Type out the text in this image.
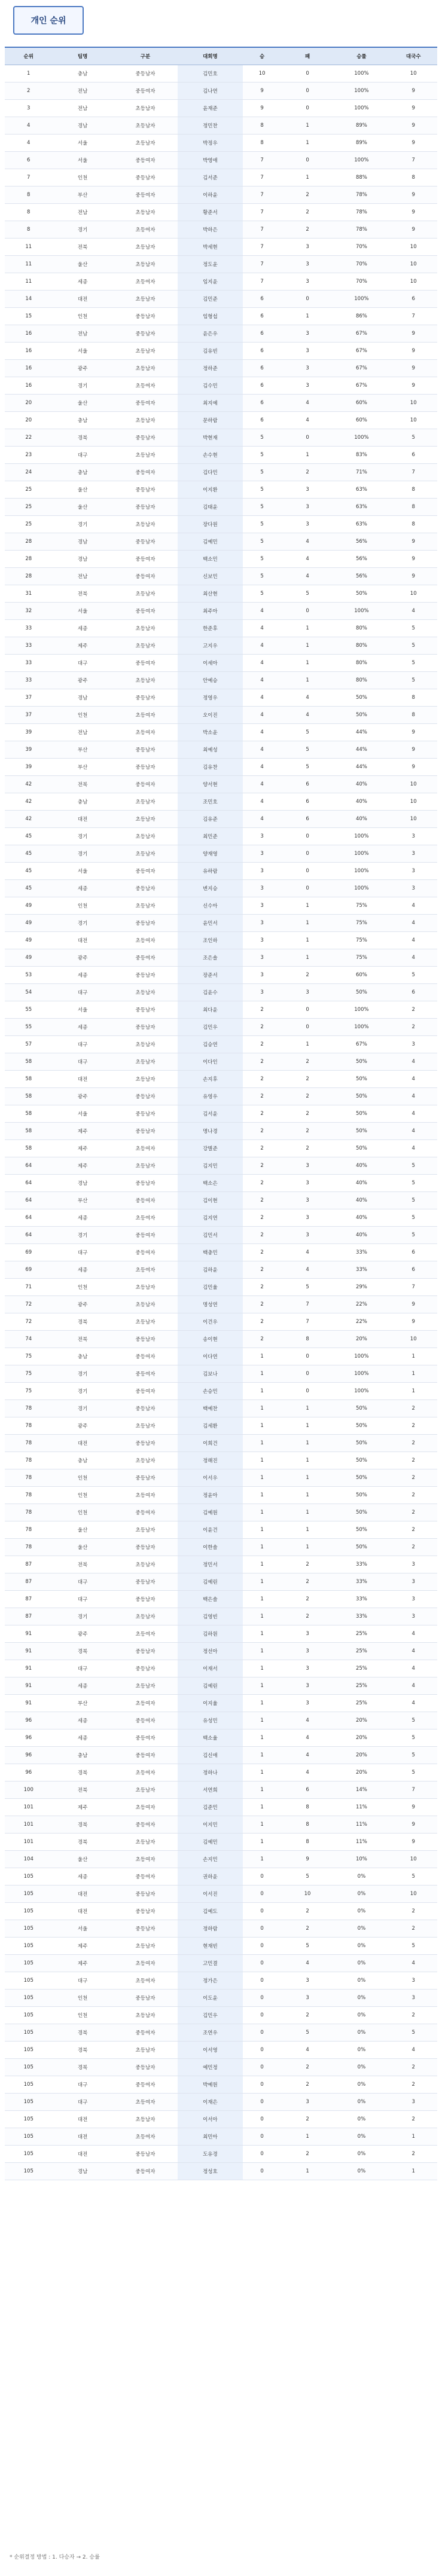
개인 순위
순위	팀명	구분	대회명	승	패	승률	대국수
1	충남	중등남자	김민호	10	0	100%	10
2	전남	중등여자	김나연	9	0	100%	9
3	전남	초등남자	윤재준	9	0	100%	9
4	경남	초등남자	정민찬	8	1	89%	9
4	서울	초등남자	박정우	8	1	89%	9
6	서울	중등여자	박영애	7	0	100%	7
7	인천	중등남자	김서준	7	1	88%	8
8	부산	중등여자	이하윤	7	2	78%	9
8	전남	초등남자	황준서	7	2	78%	9
8	경기	초등여자	박하은	7	2	78%	9
11	전북	초등남자	박세현	7	3	70%	10
11	울산	초등남자	정도윤	7	3	70%	10
11	세종	초등여자	임지윤	7	3	70%	10
14	대전	초등남자	김민준	6	0	100%	6
15	인천	중등남자	임형섭	6	1	86%	7
16	전남	중등남자	윤은우	6	3	67%	9
16	서울	초등남자	김유빈	6	3	67%	9
16	광주	초등남자	정하준	6	3	67%	9
16	경기	초등여자	김수민	6	3	67%	9
20	울산	중등여자	최지예	6	4	60%	10
20	충남	초등남자	문하람	6	4	60%	10
22	경북	중등남자	박현재	5	0	100%	5
23	대구	초등남자	손수현	5	1	83%	6
24	충남	중등여자	김다민	5	2	71%	7
25	울산	중등남자	이지환	5	3	63%	8
25	울산	중등남자	김태윤	5	3	63%	8
25	경기	초등남자	장다원	5	3	63%	8
28	경남	중등남자	김예민	5	4	56%	9
28	경남	중등여자	백소민	5	4	56%	9
28	전남	중등여자	신보민	5	4	56%	9
31	전북	초등남자	최산현	5	5	50%	10
32	서울	중등여자	최주아	4	0	100%	4
33	세종	초등남자	한준후	4	1	80%	5
33	제주	초등남자	고지우	4	1	80%	5
33	대구	중등여자	이세아	4	1	80%	5
33	광주	초등남자	안예승	4	1	80%	5
37	경남	중등남자	정영우	4	4	50%	8
37	인천	초등여자	오이진	4	4	50%	8
39	전남	초등여자	박소윤	4	5	44%	9
39	부산	중등남자	최예성	4	5	44%	9
39	부산	중등남자	김유찬	4	5	44%	9
42	전북	중등여자	양서현	4	6	40%	10
42	충남	초등남자	조민호	4	6	40%	10
42	대전	초등남자	김유준	4	6	40%	10
45	경기	초등남자	최민준	3	0	100%	3
45	경기	초등남자	양재영	3	0	100%	3
45	서울	중등여자	유하람	3	0	100%	3
45	세종	중등남자	변지승	3	0	100%	3
49	인천	초등남자	신수아	3	1	75%	4
49	경기	중등남자	윤민서	3	1	75%	4
49	대전	초등여자	조인하	3	1	75%	4
49	광주	중등여자	조은솔	3	1	75%	4
53	세종	중등남자	장준서	3	2	60%	5
54	대구	초등남자	김윤수	3	3	50%	6
55	서울	중등남자	최다윤	2	0	100%	2
55	세종	중등남자	김민우	2	0	100%	2
57	대구	초등남자	김승연	2	1	67%	3
58	대구	초등남자	이다인	2	2	50%	4
58	대전	초등남자	손지후	2	2	50%	4
58	광주	중등남자	유영우	2	2	50%	4
58	서울	중등남자	김서윤	2	2	50%	4
58	제주	중등남자	명나경	2	2	50%	4
58	제주	초등여자	강별준	2	2	50%	4
64	제주	초등남자	김지민	2	3	40%	5
64	경남	중등남자	백소은	2	3	40%	5
64	부산	중등여자	김이현	2	3	40%	5
64	세종	초등여자	김지연	2	3	40%	5
64	경기	중등여자	김민서	2	3	40%	5
69	대구	중등여자	백충민	2	4	33%	6
69	세종	초등여자	김하윤	2	4	33%	6
71	인천	초등남자	김민율	2	5	29%	7
72	광주	초등남자	명성연	2	7	22%	9
72	경북	초등남자	이건우	2	7	22%	9
74	전북	중등남자	송이현	2	8	20%	10
75	충남	중등여자	이다연	1	0	100%	1
75	경기	중등여자	김보나	1	0	100%	1
75	경기	중등여자	손승민	1	0	100%	1
78	경기	중등남자	백예찬	1	1	50%	2
78	광주	초등남자	김세환	1	1	50%	2
78	대전	중등남자	이희건	1	1	50%	2
78	충남	초등남자	정해진	1	1	50%	2
78	인천	중등남자	이서우	1	1	50%	2
78	인천	초등여자	정윤아	1	1	50%	2
78	인천	중등여자	김예원	1	1	50%	2
78	울산	초등남자	이윤건	1	1	50%	2
78	울산	중등남자	이한솔	1	1	50%	2
87	전북	초등남자	정민서	1	2	33%	3
87	대구	중등남자	김예린	1	2	33%	3
87	대구	중등남자	백은솔	1	2	33%	3
87	경기	초등남자	김영빈	1	2	33%	3
91	광주	초등여자	김하원	1	3	25%	4
91	경북	중등남자	정선아	1	3	25%	4
91	대구	중등남자	이재서	1	3	25%	4
91	세종	초등남자	김예린	1	3	25%	4
91	부산	초등여자	이지율	1	3	25%	4
96	세종	중등여자	유성민	1	4	20%	5
96	세종	중등여자	백소율	1	4	20%	5
96	충남	중등여자	김신애	1	4	20%	5
96	경북	초등여자	정하나	1	4	20%	5
100	전북	초등남자	서연희	1	6	14%	7
101	제주	초등여자	김준민	1	8	11%	9
101	경북	중등여자	이지민	1	8	11%	9
101	경북	초등남자	김예민	1	8	11%	9
104	울산	초등여자	손지민	1	9	10%	10
105	세종	중등여자	권하윤	0	5	0%	5
105	대전	중등남자	이서진	0	10	0%	10
105	대전	중등남자	김예도	0	2	0%	2
105	서울	중등남자	정하람	0	2	0%	2
105	제주	초등남자	현재빈	0	5	0%	5
105	제주	초등여자	고민결	0	4	0%	4
105	대구	초등여자	정가은	0	3	0%	3
105	인천	중등남자	이도윤	0	3	0%	3
105	인천	초등남자	김민우	0	2	0%	2
105	경북	중등여자	조연우	0	5	0%	5
105	경북	초등남자	이서영	0	4	0%	4
105	경북	중등남자	예민정	0	2	0%	2
105	대구	중등여자	박예원	0	2	0%	2
105	대구	초등여자	이재은	0	3	0%	3
105	대전	초등남자	이서아	0	2	0%	2
105	대전	초등여자	최민아	0	1	0%	1
105	대전	중등남자	도유경	0	2	0%	2
105	경남	중등여자	정성호	0	1	0%	1
* 순위결정 방법 : 1. 다승자 → 2. 승률
